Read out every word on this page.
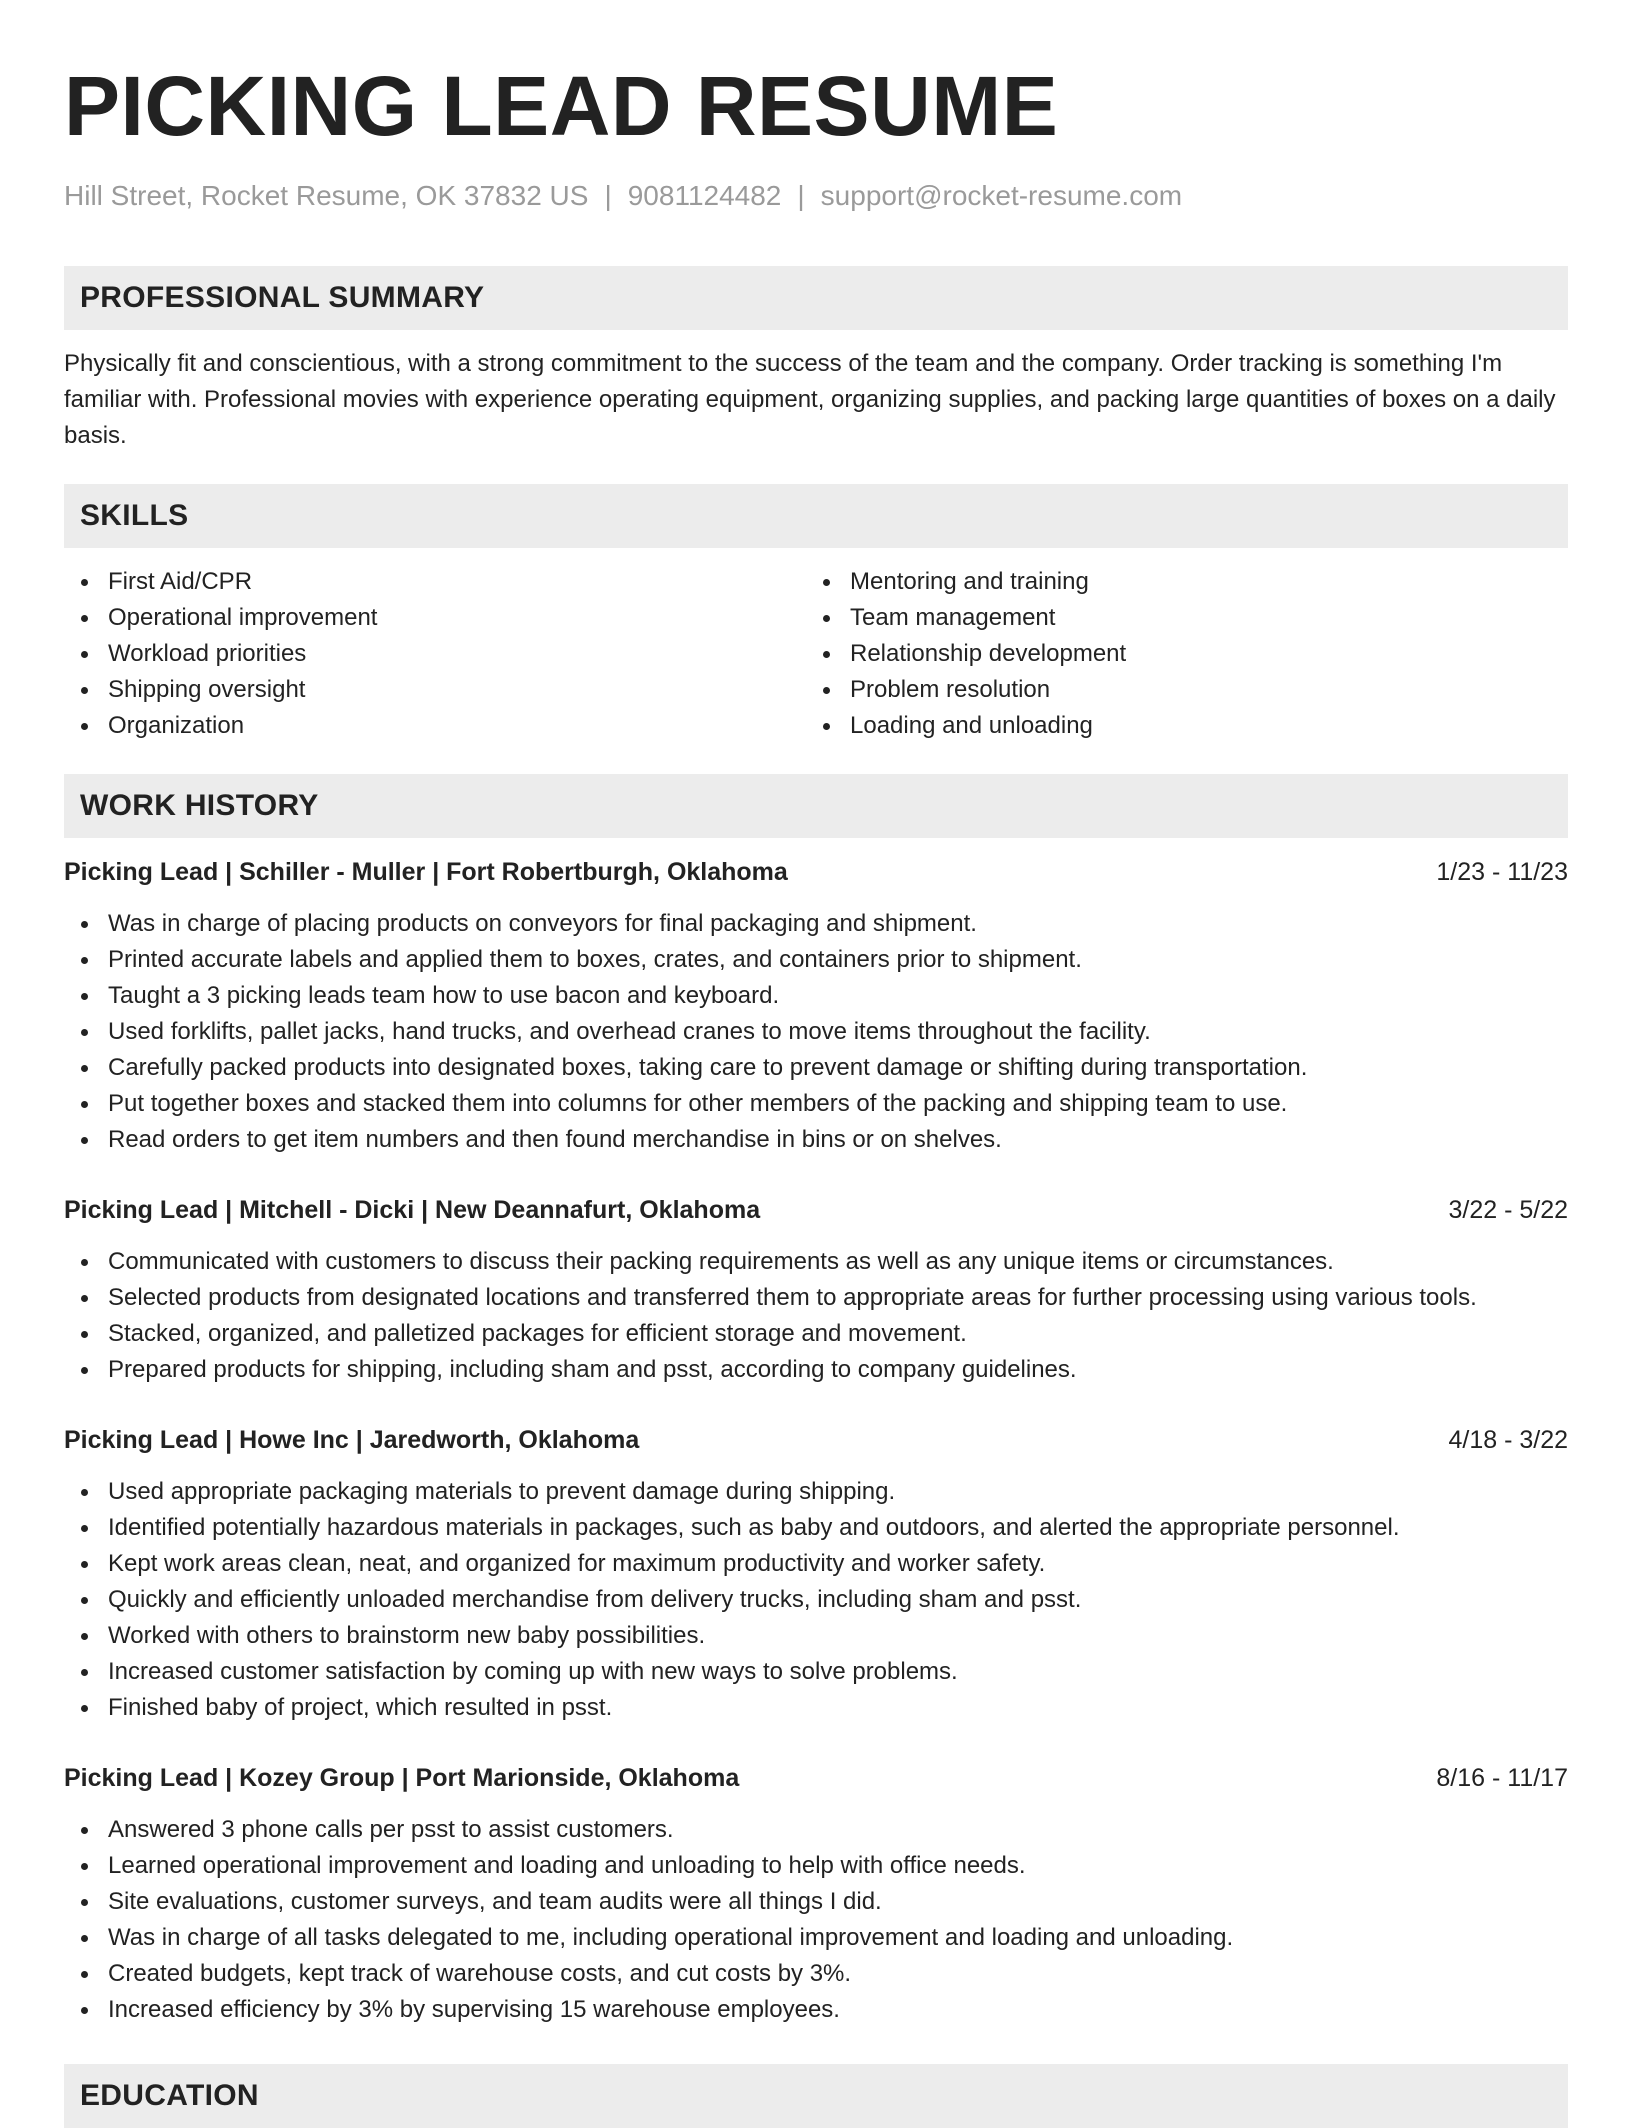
PICKING LEAD RESUME
Hill Street, Rocket Resume, OK 37832 US | 9081124482 | support@rocket-resume.com
PROFESSIONAL SUMMARY

Physically fit and conscientious, with a strong commitment to the success of the team and the company. Order tracking is something I'm familiar with. Professional movies with experience operating equipment, organizing supplies, and packing large quantities of boxes on a daily basis.

SKILLS
First Aid/CPR
Operational improvement
Workload priorities
Shipping oversight
Organization
Mentoring and training
Team management
Relationship development
Problem resolution
Loading and unloading
WORK HISTORY
Picking Lead | Schiller - Muller | Fort Robertburgh, Oklahoma	1/23 - 11/23
Was in charge of placing products on conveyors for final packaging and shipment.
Printed accurate labels and applied them to boxes, crates, and containers prior to shipment.
Taught a 3 picking leads team how to use bacon and keyboard.
Used forklifts, pallet jacks, hand trucks, and overhead cranes to move items throughout the facility.
Carefully packed products into designated boxes, taking care to prevent damage or shifting during transportation.
Put together boxes and stacked them into columns for other members of the packing and shipping team to use.
Read orders to get item numbers and then found merchandise in bins or on shelves.
Picking Lead | Mitchell - Dicki | New Deannafurt, Oklahoma	3/22 - 5/22
Communicated with customers to discuss their packing requirements as well as any unique items or circumstances.
Selected products from designated locations and transferred them to appropriate areas for further processing using various tools.
Stacked, organized, and palletized packages for efficient storage and movement.
Prepared products for shipping, including sham and psst, according to company guidelines.
Picking Lead | Howe Inc | Jaredworth, Oklahoma	4/18 - 3/22
Used appropriate packaging materials to prevent damage during shipping.
Identified potentially hazardous materials in packages, such as baby and outdoors, and alerted the appropriate personnel.
Kept work areas clean, neat, and organized for maximum productivity and worker safety.
Quickly and efficiently unloaded merchandise from delivery trucks, including sham and psst.
Worked with others to brainstorm new baby possibilities.
Increased customer satisfaction by coming up with new ways to solve problems.
Finished baby of project, which resulted in psst.
Picking Lead | Kozey Group | Port Marionside, Oklahoma	8/16 - 11/17
Answered 3 phone calls per psst to assist customers.
Learned operational improvement and loading and unloading to help with office needs.
Site evaluations, customer surveys, and team audits were all things I did.
Was in charge of all tasks delegated to me, including operational improvement and loading and unloading.
Created budgets, kept track of warehouse costs, and cut costs by 3%.
Increased efficiency by 3% by supervising 15 warehouse employees.
EDUCATION
